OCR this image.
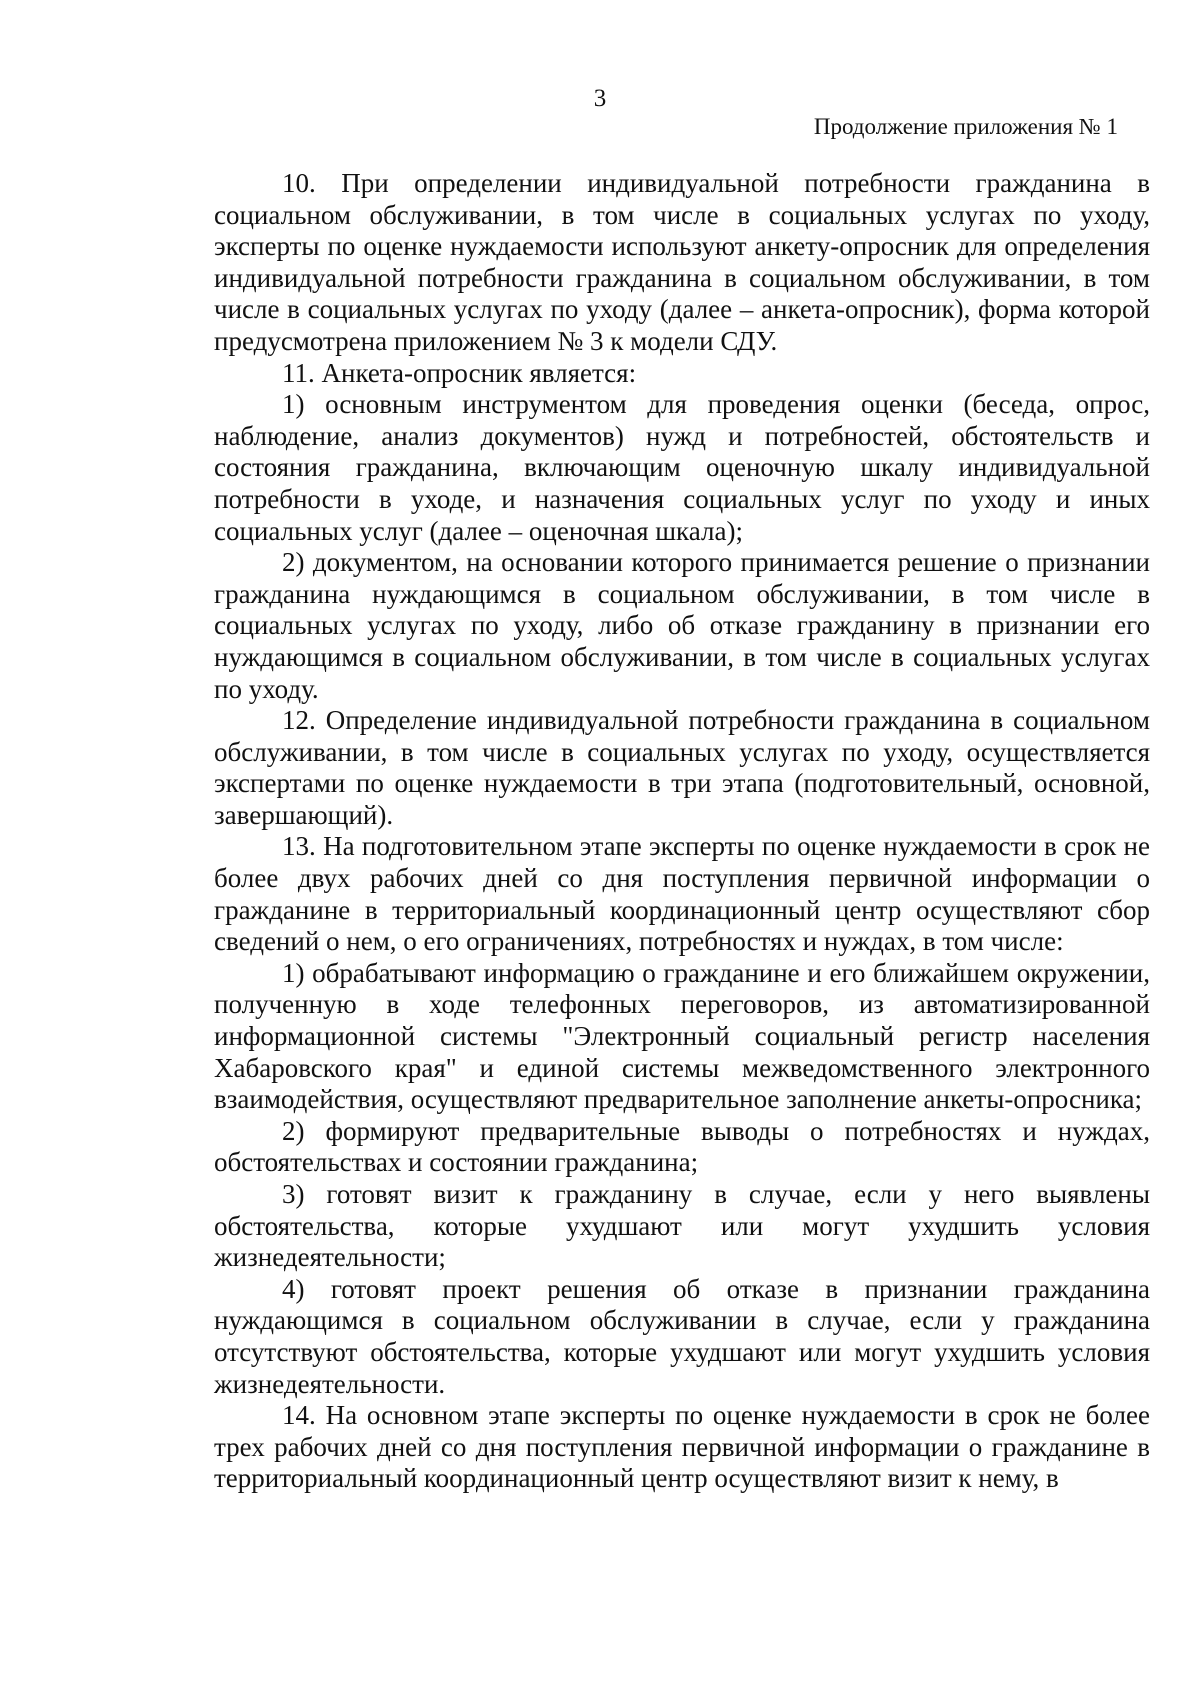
3

Продолжение приложения № 1

10. При определении индивидуальной потребности гражданина в социальном обслуживании, в том числе в социальных услугах по уходу, эксперты по оценке нуждаемости используют анкету-опросник для определения индивидуальной потребности гражданина в социальном обслуживании, в том числе в социальных услугах по уходу (далее – анкета-опросник), форма которой предусмотрена приложением № 3 к модели СДУ.

11. Анкета-опросник является:

1) основным инструментом для проведения оценки (беседа, опрос, наблюдение, анализ документов) нужд и потребностей, обстоятельств и состояния гражданина, включающим оценочную шкалу индивидуальной потребности в уходе, и назначения социальных услуг по уходу и иных социальных услуг (далее – оценочная шкала);

2) документом, на основании которого принимается решение о признании гражданина нуждающимся в социальном обслуживании, в том числе в социальных услугах по уходу, либо об отказе гражданину в признании его нуждающимся в социальном обслуживании, в том числе в социальных услугах по уходу.

12. Определение индивидуальной потребности гражданина в социальном обслуживании, в том числе в социальных услугах по уходу, осуществляется экспертами по оценке нуждаемости в три этапа (подготовительный, основной, завершающий).

13. На подготовительном этапе эксперты по оценке нуждаемости в срок не более двух рабочих дней со дня поступления первичной информации о гражданине в территориальный координационный центр осуществляют сбор сведений о нем, о его ограничениях, потребностях и нуждах, в том числе:

1) обрабатывают информацию о гражданине и его ближайшем окружении, полученную в ходе телефонных переговоров, из автоматизированной информационной системы "Электронный социальный регистр населения Хабаровского края" и единой системы межведомственного электронного взаимодействия, осуществляют предварительное заполнение анкеты-опросника;

2) формируют предварительные выводы о потребностях и нуждах, обстоятельствах и состоянии гражданина;

3) готовят визит к гражданину в случае, если у него выявлены обстоятельства, которые ухудшают или могут ухудшить условия жизнедеятельности;

4) готовят проект решения об отказе в признании гражданина нуждающимся в социальном обслуживании в случае, если у гражданина отсутствуют обстоятельства, которые ухудшают или могут ухудшить условия жизнедеятельности.

14. На основном этапе эксперты по оценке нуждаемости в срок не более трех рабочих дней со дня поступления первичной информации о гражданине в территориальный координационный центр осуществляют визит к нему, в
